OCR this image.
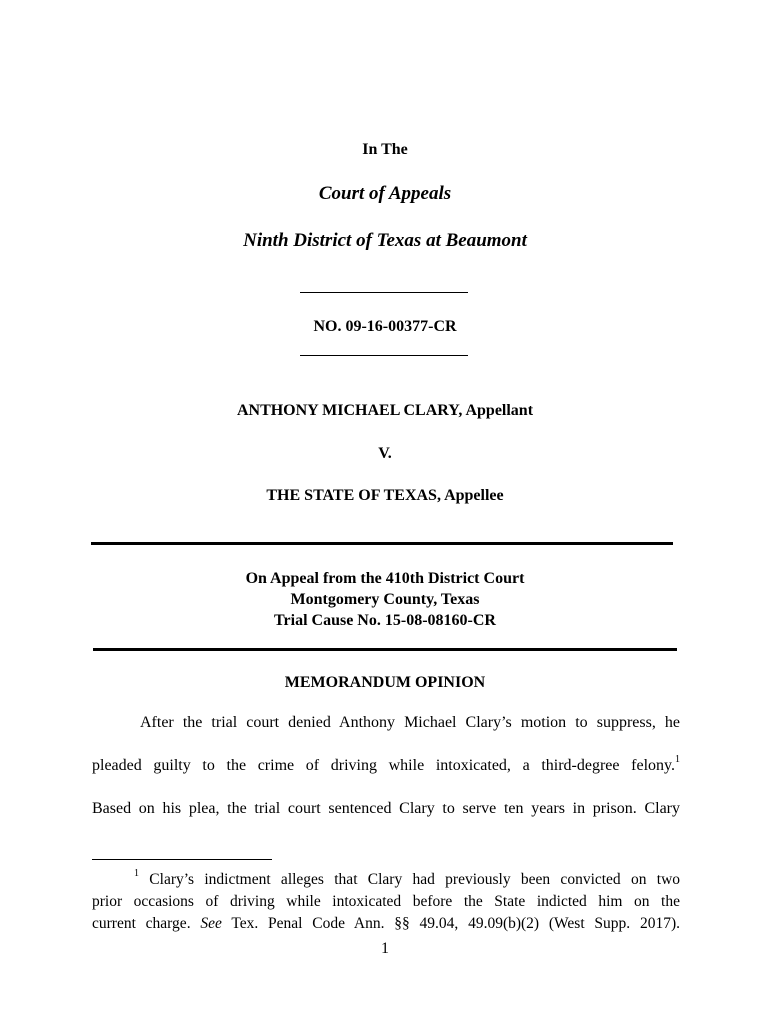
In The
Court of Appeals
Ninth District of Texas at Beaumont
NO. 09-16-00377-CR
ANTHONY MICHAEL CLARY, Appellant
V.
THE STATE OF TEXAS, Appellee
On Appeal from the 410th District Court
Montgomery County, Texas
Trial Cause No. 15-08-08160-CR
MEMORANDUM OPINION
After the trial court denied Anthony Michael Clary’s motion to suppress, he
pleaded guilty to the crime of driving while intoxicated, a third-degree felony.$^1$
Based on his plea, the trial court sentenced Clary to serve ten years in prison. Clary
$^1$ Clary’s indictment alleges that Clary had previously been convicted on two
prior occasions of driving while intoxicated before the State indicted him on the
current charge. See Tex. Penal Code Ann. §§ 49.04, 49.09(b)(2) (West Supp. 2017).
1
